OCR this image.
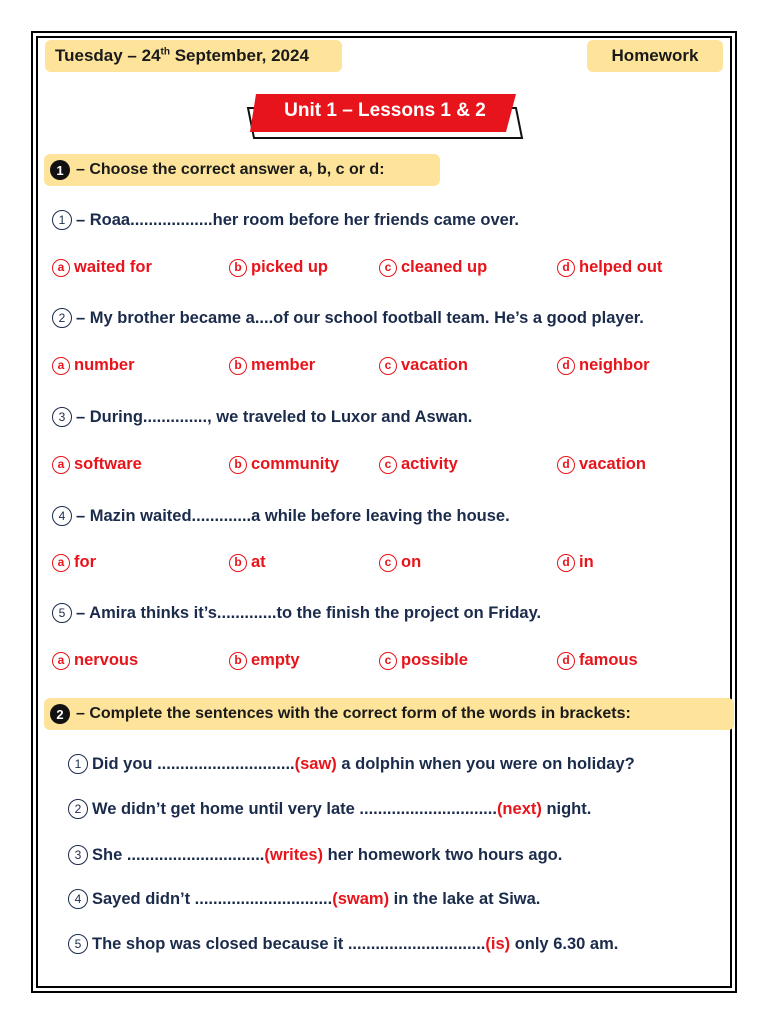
Tuesday – 24th September, 2024	Homework
Unit 1 – Lessons 1 & 2
1 – Choose the correct answer a, b, c or d:
1 – Roaa..................her room before her friends came over.
a waited for	b picked up	c cleaned up	d helped out
2 – My brother became a....of our school football team. He’s a good player.
a number	b member	c vacation	d neighbor
3 – During.............., we traveled to Luxor and Aswan.
a software	b community	c activity	d vacation
4 – Mazin waited.............a while before leaving the house.
a for	b at	c on	d in
5 – Amira thinks it’s.............to the finish the project on Friday.
a nervous	b empty	c possible	d famous
2 – Complete the sentences with the correct form of the words in brackets:
1 Did you ..............................(saw) a dolphin when you were on holiday?
2 We didn’t get home until very late ..............................(next) night.
3 She ..............................(writes) her homework two hours ago.
4 Sayed didn’t ..............................(swam) in the lake at Siwa.
5 The shop was closed because it ..............................(is) only 6.30 am.
